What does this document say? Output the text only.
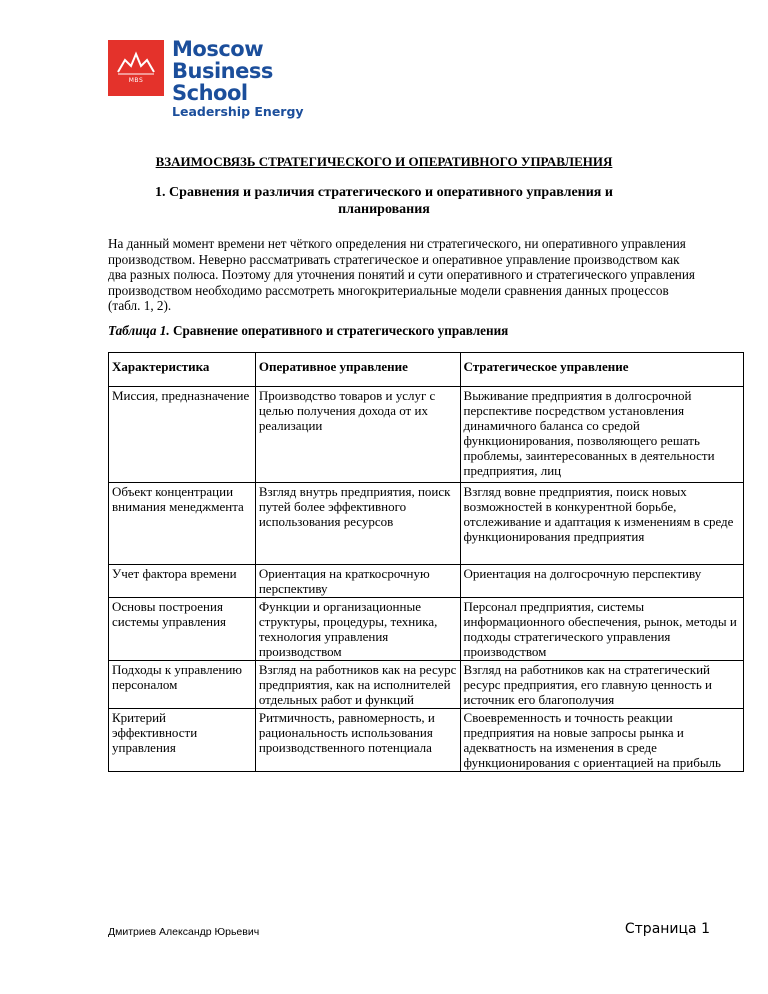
MBS
Moscow
Business School
Leadership Energy
ВЗАИМОСВЯЗЬ СТРАТЕГИЧЕСКОГО И ОПЕРАТИВНОГО УПРАВЛЕНИЯ
1. Сравнения и различия стратегического и оперативного управления и планирования

На данный момент времени нет чёткого определения ни стратегического, ни оперативного управления производством. Неверно рассматривать стратегическое и оперативное управление производством как два разных полюса. Поэтому для уточнения понятий и сути оперативного и стратегического управления производством необходимо рассмотреть многокритериальные модели сравнения данных процессов (табл. 1, 2).

Таблица 1. Сравнение оперативного и стратегического управления
Характеристика	Оперативное управление	Стратегическое управление
Миссия, предназначение	Производство товаров и услуг с целью получения дохода от их реализации	Выживание предприятия в долгосрочной перспективе посредством установления динамичного баланса со средой функционирования, позволяющего решать проблемы, заинтересованных в деятельности предприятия, лиц
Объект концентрации внимания менеджмента	Взгляд внутрь предприятия, поиск путей более эффективного использования ресурсов	Взгляд вовне предприятия, поиск новых возможностей в конкурентной борьбе, отслеживание и адаптация к изменениям в среде функционирования предприятия
Учет фактора времени	Ориентация на краткосрочную перспективу	Ориентация на долгосрочную перспективу
Основы построения системы управления	Функции и организационные структуры, процедуры, техника, технология управления производством	Персонал предприятия, системы информационного обеспечения, рынок, методы и подходы стратегического управления производством
Подходы к управлению персоналом	Взгляд на работников как на ресурс предприятия, как на исполнителей отдельных работ и функций	Взгляд на работников как на стратегический ресурс предприятия, его главную ценность и источник его благополучия
Критерий эффективности управления	Ритмичность, равномерность, и рациональность использования производственного потенциала	Своевременность и точность реакции предприятия на новые запросы рынка и адекватность на изменения в среде функционирования с ориентацией на прибыль
Дмитриев Александр Юрьевич	Страница 1
